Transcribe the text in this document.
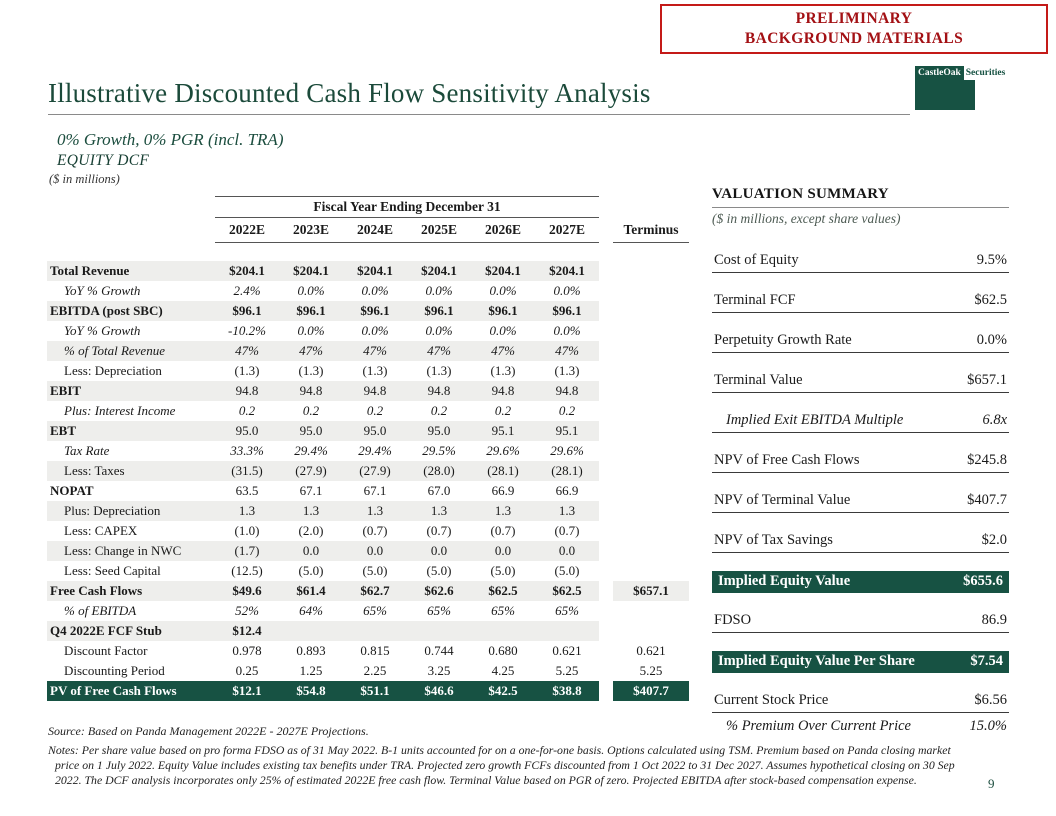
PRELIMINARY
BACKGROUND MATERIALS
CastleOak Securities
Illustrative Discounted Cash Flow Sensitivity Analysis
0% Growth, 0% PGR (incl. TRA)
EQUITY DCF
($ in millions)
	Fiscal Year Ending December 31							
	2022E	2023E	2024E	2025E	2026E	2027E		Terminus

Total Revenue	$204.1	$204.1	$204.1	$204.1	$204.1	$204.1		
YoY % Growth	2.4%	0.0%	0.0%	0.0%	0.0%	0.0%		
EBITDA (post SBC)	$96.1	$96.1	$96.1	$96.1	$96.1	$96.1		
YoY % Growth	-10.2%	0.0%	0.0%	0.0%	0.0%	0.0%		
% of Total Revenue	47%	47%	47%	47%	47%	47%		
Less: Depreciation	(1.3)	(1.3)	(1.3)	(1.3)	(1.3)	(1.3)		
EBIT	94.8	94.8	94.8	94.8	94.8	94.8		
Plus: Interest Income	0.2	0.2	0.2	0.2	0.2	0.2		
EBT	95.0	95.0	95.0	95.0	95.1	95.1		
Tax Rate	33.3%	29.4%	29.4%	29.5%	29.6%	29.6%		
Less: Taxes	(31.5)	(27.9)	(27.9)	(28.0)	(28.1)	(28.1)		
NOPAT	63.5	67.1	67.1	67.0	66.9	66.9		
Plus: Depreciation	1.3	1.3	1.3	1.3	1.3	1.3		
Less: CAPEX	(1.0)	(2.0)	(0.7)	(0.7)	(0.7)	(0.7)		
Less: Change in NWC	(1.7)	0.0	0.0	0.0	0.0	0.0		
Less: Seed Capital	(12.5)	(5.0)	(5.0)	(5.0)	(5.0)	(5.0)		
Free Cash Flows	$49.6	$61.4	$62.7	$62.6	$62.5	$62.5		$657.1
% of EBITDA	52%	64%	65%	65%	65%	65%		
Q4 2022E FCF Stub	$12.4							
Discount Factor	0.978	0.893	0.815	0.744	0.680	0.621		0.621
Discounting Period	0.25	1.25	2.25	3.25	4.25	5.25		5.25
PV of Free Cash Flows	$12.1	$54.8	$51.1	$46.6	$42.5	$38.8		$407.7
VALUATION SUMMARY
($ in millions, except share values)
Cost of Equity	9.5%
Terminal FCF	$62.5
Perpetuity Growth Rate	0.0%
Terminal Value	$657.1
Implied Exit EBITDA Multiple	6.8x
NPV of Free Cash Flows	$245.8
NPV of Terminal Value	$407.7
NPV of Tax Savings	$2.0
Implied Equity Value	$655.6
FDSO	86.9
Implied Equity Value Per Share	$7.54
Current Stock Price	$6.56
% Premium Over Current Price	15.0%
Source: Based on Panda Management 2022E - 2027E Projections.
Notes: Per share value based on pro forma FDSO as of 31 May 2022. B-1 units accounted for on a one-for-one basis. Options calculated using TSM. Premium based on Panda closing market price on 1 July 2022. Equity Value includes existing tax benefits under TRA. Projected zero growth FCFs discounted from 1 Oct 2022 to 31 Dec 2027. Assumes hypothetical closing on 30 Sep 2022. The DCF analysis incorporates only 25% of estimated 2022E free cash flow. Terminal Value based on PGR of zero. Projected EBITDA after stock-based compensation expense.	9
